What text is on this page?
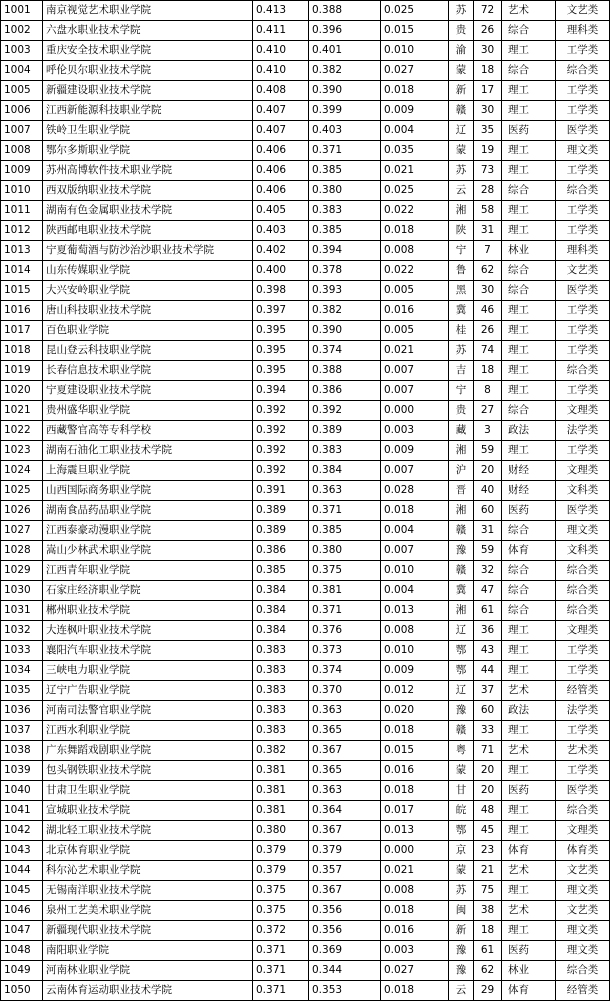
1001	南京视觉艺术职业学院	0.413	0.388	0.025	苏	72	艺术	文艺类
1002	六盘水职业技术学院	0.411	0.396	0.015	贵	26	综合	理科类
1003	重庆安全技术职业学院	0.410	0.401	0.010	渝	30	理工	工学类
1004	呼伦贝尔职业技术学院	0.410	0.382	0.027	蒙	18	综合	综合类
1005	新疆建设职业技术学院	0.408	0.390	0.018	新	17	理工	工学类
1006	江西新能源科技职业学院	0.407	0.399	0.009	赣	30	理工	工学类
1007	铁岭卫生职业学院	0.407	0.403	0.004	辽	35	医药	医学类
1008	鄂尔多斯职业学院	0.406	0.371	0.035	蒙	19	理工	理文类
1009	苏州高博软件技术职业学院	0.406	0.385	0.021	苏	73	理工	工学类
1010	西双版纳职业技术学院	0.406	0.380	0.025	云	28	综合	综合类
1011	湖南有色金属职业技术学院	0.405	0.383	0.022	湘	58	理工	工学类
1012	陕西邮电职业技术学院	0.403	0.385	0.018	陕	31	理工	工学类
1013	宁夏葡萄酒与防沙治沙职业技术学院	0.402	0.394	0.008	宁	7	林业	理科类
1014	山东传媒职业学院	0.400	0.378	0.022	鲁	62	综合	文艺类
1015	大兴安岭职业学院	0.398	0.393	0.005	黑	30	综合	医学类
1016	唐山科技职业技术学院	0.397	0.382	0.016	冀	46	理工	工学类
1017	百色职业学院	0.395	0.390	0.005	桂	26	理工	工学类
1018	昆山登云科技职业学院	0.395	0.374	0.021	苏	74	理工	工学类
1019	长春信息技术职业学院	0.395	0.388	0.007	吉	18	理工	综合类
1020	宁夏建设职业技术学院	0.394	0.386	0.007	宁	8	理工	工学类
1021	贵州盛华职业学院	0.392	0.392	0.000	贵	27	综合	文理类
1022	西藏警官高等专科学校	0.392	0.389	0.003	藏	3	政法	法学类
1023	湖南石油化工职业技术学院	0.392	0.383	0.009	湘	59	理工	工学类
1024	上海震旦职业学院	0.392	0.384	0.007	沪	20	财经	文理类
1025	山西国际商务职业学院	0.391	0.363	0.028	晋	40	财经	文科类
1026	湖南食品药品职业学院	0.389	0.371	0.018	湘	60	医药	医学类
1027	江西泰豪动漫职业学院	0.389	0.385	0.004	赣	31	综合	理文类
1028	嵩山少林武术职业学院	0.386	0.380	0.007	豫	59	体育	文科类
1029	江西青年职业学院	0.385	0.375	0.010	赣	32	综合	综合类
1030	石家庄经济职业学院	0.384	0.381	0.004	冀	47	综合	综合类
1031	郴州职业技术学院	0.384	0.371	0.013	湘	61	综合	综合类
1032	大连枫叶职业技术学院	0.384	0.376	0.008	辽	36	理工	文理类
1033	襄阳汽车职业技术学院	0.383	0.373	0.010	鄂	43	理工	工学类
1034	三峡电力职业学院	0.383	0.374	0.009	鄂	44	理工	工学类
1035	辽宁广告职业学院	0.383	0.370	0.012	辽	37	艺术	经管类
1036	河南司法警官职业学院	0.383	0.363	0.020	豫	60	政法	法学类
1037	江西水利职业学院	0.383	0.365	0.018	赣	33	理工	工学类
1038	广东舞蹈戏剧职业学院	0.382	0.367	0.015	粤	71	艺术	艺术类
1039	包头钢铁职业技术学院	0.381	0.365	0.016	蒙	20	理工	工学类
1040	甘肃卫生职业学院	0.381	0.363	0.018	甘	20	医药	医学类
1041	宣城职业技术学院	0.381	0.364	0.017	皖	48	理工	综合类
1042	湖北轻工职业技术学院	0.380	0.367	0.013	鄂	45	理工	文理类
1043	北京体育职业学院	0.379	0.379	0.000	京	23	体育	体育类
1044	科尔沁艺术职业学院	0.379	0.357	0.021	蒙	21	艺术	文艺类
1045	无锡南洋职业技术学院	0.375	0.367	0.008	苏	75	理工	理文类
1046	泉州工艺美术职业学院	0.375	0.356	0.018	闽	38	艺术	文艺类
1047	新疆现代职业技术学院	0.372	0.356	0.016	新	18	理工	理文类
1048	南阳职业学院	0.371	0.369	0.003	豫	61	医药	理文类
1049	河南林业职业学院	0.371	0.344	0.027	豫	62	林业	综合类
1050	云南体育运动职业技术学院	0.371	0.353	0.018	云	29	体育	经管类
